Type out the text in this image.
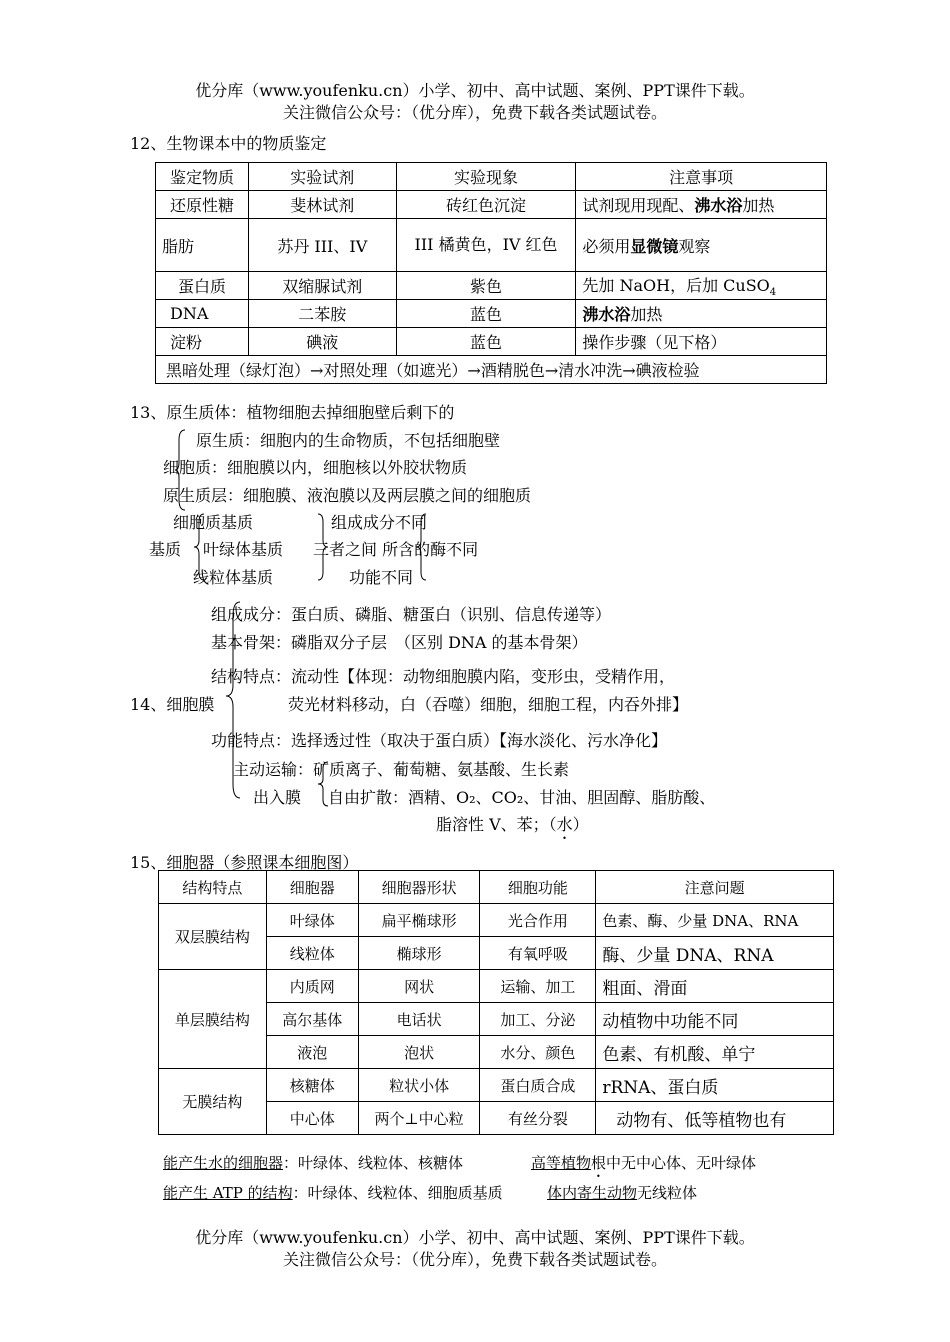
优分库（www.youfenku.cn）小学、初中、高中试题、案例、PPT课件下载。
关注微信公众号：（优分库），免费下载各类试题试卷。
12、生物课本中的物质鉴定
鉴定物质	实验试剂	实验现象	注意事项
还原性糖	斐林试剂	砖红色沉淀	试剂现用现配、沸水浴加热
脂肪	苏丹 III、IV	III 橘黄色，IV 红色	必须用显微镜观察
蛋白质	双缩脲试剂	紫色	先加 NaOH，后加 CuSO$_4$
DNA	二苯胺	蓝色	沸水浴加热
淀粉	碘液	蓝色	操作步骤（见下格）
黑暗处理（绿灯泡）→对照处理（如遮光）→酒精脱色→清水冲洗→碘液检验			
13、原生质体：植物细胞去掉细胞壁后剩下的
原生质：细胞内的生命物质，不包括细胞壁
细胞质：细胞膜以内，细胞核以外胶状物质
原生质层：细胞膜、液泡膜以及两层膜之间的细胞质
细胞质基质
基质 叶绿体基质
线粒体基质
组成成分不同
三者之间 所含的酶不同
功能不同
组成成分：蛋白质、磷脂、糖蛋白（识别、信息传递等）
基本骨架：磷脂双分子层　（区别 DNA 的基本骨架）
结构特点：流动性【体现：动物细胞膜内陷，变形虫，受精作用，
14、细胞膜	荧光材料移动，白（吞噬）细胞，细胞工程，内吞外排】
功能特点：选择透过性（取决于蛋白质）【海水淡化、污水净化】
主动运输：矿质离子、葡萄糖、氨基酸、生长素
出入膜 自由扩散：酒精、O₂、CO₂、甘油、胆固醇、脂肪酸、
脂溶性 V、苯；（水）
15、细胞器（参照课本细胞图）
结构特点	细胞器	细胞器形状	细胞功能	注意问题
双层膜结构	叶绿体	扁平椭球形	光合作用	色素、酶、少量 DNA、RNA
	线粒体	椭球形	有氧呼吸	酶、少量 DNA、RNA
单层膜结构	内质网	网状	运输、加工	粗面、滑面
	高尔基体	电话状	加工、分泌	动植物中功能不同
	液泡	泡状	水分、颜色	色素、有机酸、单宁
无膜结构	核糖体	粒状小体	蛋白质合成	rRNA、蛋白质
	中心体	两个⊥中心粒	有丝分裂	动物有、低等植物也有
能产生水的细胞器：叶绿体、线粒体、核糖体	高等植物根中无中心体、无叶绿体
能产生 ATP 的结构：叶绿体、线粒体、细胞质基质	体内寄生动物无线粒体
优分库（www.youfenku.cn）小学、初中、高中试题、案例、PPT课件下载。
关注微信公众号：（优分库），免费下载各类试题试卷。
